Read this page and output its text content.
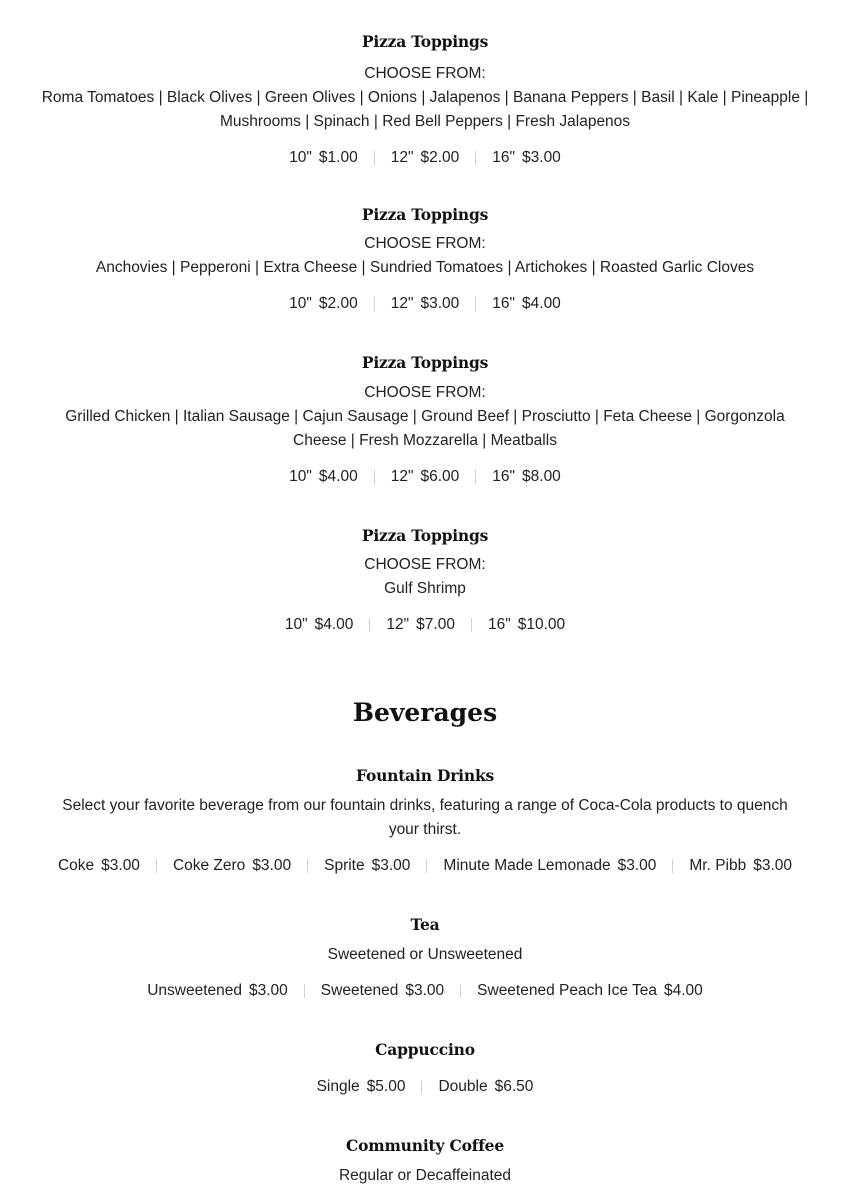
Pizza Toppings
CHOOSE FROM:
Roma Tomatoes | Black Olives | Green Olives | Onions | Jalapenos | Banana Peppers | Basil | Kale | Pineapple |
Mushrooms | Spinach | Red Bell Peppers | Fresh Jalapenos
10" $1.00 12" $2.00 16" $3.00
Pizza Toppings
CHOOSE FROM:
Anchovies | Pepperoni | Extra Cheese | Sundried Tomatoes | Artichokes | Roasted Garlic Cloves
10" $2.00 12" $3.00 16" $4.00
Pizza Toppings
CHOOSE FROM:
Grilled Chicken | Italian Sausage | Cajun Sausage | Ground Beef | Prosciutto | Feta Cheese | Gorgonzola
Cheese | Fresh Mozzarella | Meatballs
10" $4.00 12" $6.00 16" $8.00
Pizza Toppings
CHOOSE FROM:
Gulf Shrimp
10" $4.00 12" $7.00 16" $10.00
Beverages
Fountain Drinks
Select your favorite beverage from our fountain drinks, featuring a range of Coca-Cola products to quench
your thirst.
Coke $3.00 Coke Zero $3.00 Sprite $3.00 Minute Made Lemonade $3.00 Mr. Pibb $3.00
Tea
Sweetened or Unsweetened
Unsweetened $3.00 Sweetened $3.00 Sweetened Peach Ice Tea $4.00
Cappuccino
Single $5.00 Double $6.50
Community Coffee
Regular or Decaffeinated
